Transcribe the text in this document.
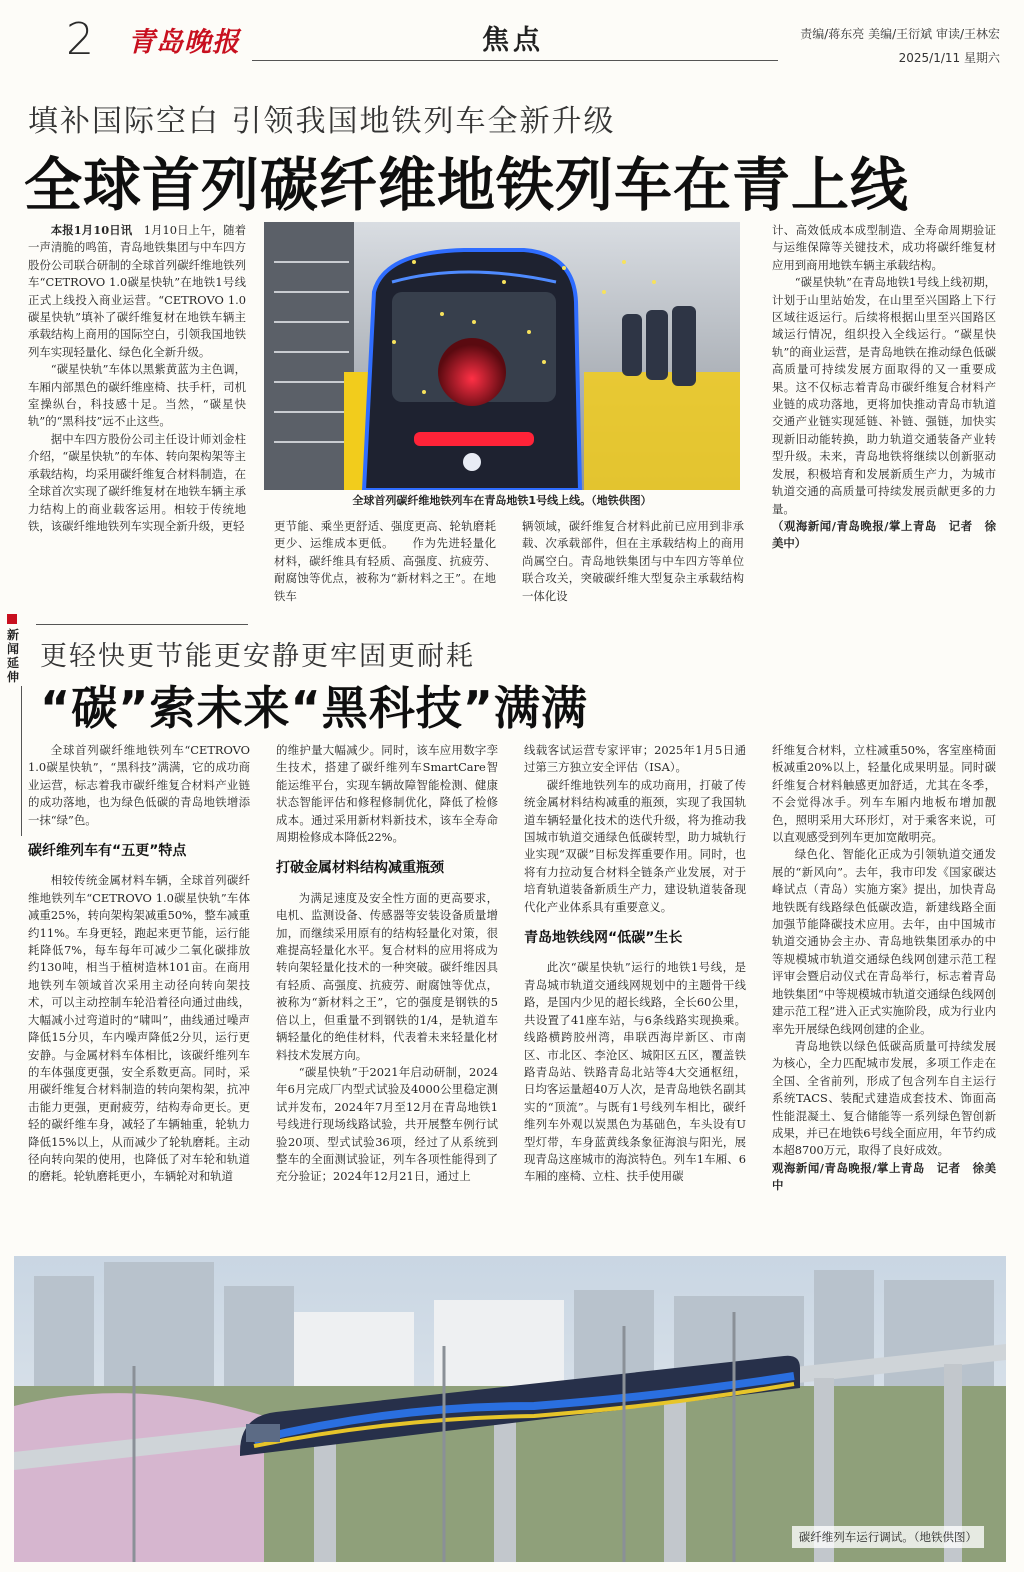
2 青岛晚报	焦点	责编/蒋东亮 美编/王衍斌 审读/王林宏
2025/1/11 星期六
填补国际空白 引领我国地铁列车全新升级
全球首列碳纤维地铁列车在青上线

本报1月10日讯　 1月10日上午，随着一声清脆的鸣笛，青岛地铁集团与中车四方股份公司联合研制的全球首列碳纤维地铁列车“CETROVO 1.0碳星快轨”在地铁1号线正式上线投入商业运营。“CETROVO 1.0碳星快轨”填补了碳纤维复材在地铁车辆主承载结构上商用的国际空白，引领我国地铁列车实现轻量化、绿色化全新升级。

“碳星快轨”车体以黑紫黄蓝为主色调，车厢内部黑色的碳纤维座椅、扶手杆，司机室操纵台，科技感十足。当然，“碳星快轨”的“黑科技”远不止这些。

据中车四方股份公司主任设计师刘金柱介绍，“碳星快轨”的车体、转向架构架等主承载结构，均采用碳纤维复合材料制造，在全球首次实现了碳纤维复材在地铁车辆主承力结构上的商业载客运用。相较于传统地铁，该碳纤维地铁列车实现全新升级，更轻

全球首列碳纤维地铁列车在青岛地铁1号线上线。（地铁供图）

更节能、乘坐更舒适、强度更高、轮轨磨耗更少、运维成本更低。　　作为先进轻量化材料，碳纤维具有轻质、高强度、抗疲劳、耐腐蚀等优点，被称为“新材料之王”。在地铁车

辆领域，碳纤维复合材料此前已应用到非承载、次承载部件，但在主承载结构上的商用尚属空白。青岛地铁集团与中车四方等单位联合攻关，突破碳纤维大型复杂主承载结构一体化设

计、高效低成本成型制造、全寿命周期验证与运维保障等关键技术，成功将碳纤维复材应用到商用地铁车辆主承载结构。

“碳星快轨”在青岛地铁1号线上线初期，计划于山里站始发，在山里至兴国路上下行区域往返运行。后续将根据山里至兴国路区域运行情况，组织投入全线运行。“碳星快轨”的商业运营，是青岛地铁在推动绿色低碳高质量可持续发展方面取得的又一重要成果。这不仅标志着青岛市碳纤维复合材料产业链的成功落地，更将加快推动青岛市轨道交通产业链实现延链、补链、强链，加快实现新旧动能转换，助力轨道交通装备产业转型升级。未来，青岛地铁将继续以创新驱动发展，积极培育和发展新质生产力，为城市轨道交通的高质量可持续发展贡献更多的力量。

（观海新闻/青岛晚报/掌上青岛　记者　徐美中）

新闻延伸
更轻快更节能更安静更牢固更耐耗
“碳”索未来“黑科技”满满

全球首列碳纤维地铁列车“CETROVO 1.0碳星快轨”，“黑科技”满满，它的成功商业运营，标志着我市碳纤维复合材料产业链的成功落地，也为绿色低碳的青岛地铁增添一抹“绿”色。

碳纤维列车有“五更”特点

相较传统金属材料车辆，全球首列碳纤维地铁列车“CETROVO 1.0碳星快轨”车体减重25%，转向架构架减重50%，整车减重约11%。车身更轻，跑起来更节能，运行能耗降低7%，每车每年可减少二氧化碳排放约130吨，相当于植树造林101亩。在商用地铁列车领域首次采用主动径向转向架技术，可以主动控制车轮沿着径向通过曲线，大幅减小过弯道时的“啸叫”，曲线通过噪声降低15分贝，车内噪声降低2分贝，运行更安静。与金属材料车体相比，该碳纤维列车的车体强度更强，安全系数更高。同时，采用碳纤维复合材料制造的转向架构架，抗冲击能力更强，更耐疲劳，结构寿命更长。更轻的碳纤维车身，减轻了车辆轴重，轮轨力降低15%以上，从而减少了轮轨磨耗。主动径向转向架的使用，也降低了对车轮和轨道的磨耗。轮轨磨耗更小，车辆轮对和轨道

的维护量大幅减少。同时，该车应用数字孪生技术，搭建了碳纤维列车SmartCare智能运维平台，实现车辆故障智能检测、健康状态智能评估和修程修制优化，降低了检修成本。通过采用新材料新技术，该车全寿命周期检修成本降低22%。

打破金属材料结构减重瓶颈

为满足速度及安全性方面的更高要求，电机、监测设备、传感器等安装设备质量增加，而继续采用原有的结构轻量化对策，很难提高轻量化水平。复合材料的应用将成为转向架轻量化技术的一种突破。碳纤维因具有轻质、高强度、抗疲劳、耐腐蚀等优点，被称为“新材料之王”，它的强度是钢铁的5倍以上，但重量不到钢铁的1/4，是轨道车辆轻量化的绝佳材料，代表着未来轻量化材料技术发展方向。

“碳星快轨”于2021年启动研制，2024年6月完成厂内型式试验及4000公里稳定测试并发布，2024年7月至12月在青岛地铁1号线进行现场线路试验，共开展整车例行试验20项、型式试验36项，经过了从系统到整车的全面测试验证，列车各项性能得到了充分验证；2024年12月21日，通过上

线载客试运营专家评审；2025年1月5日通过第三方独立安全评估（ISA）。

碳纤维地铁列车的成功商用，打破了传统金属材料结构减重的瓶颈，实现了我国轨道车辆轻量化技术的迭代升级，将为推动我国城市轨道交通绿色低碳转型，助力城轨行业实现“双碳”目标发挥重要作用。同时，也将有力拉动复合材料全链条产业发展，对于培育轨道装备新质生产力，建设轨道装备现代化产业体系具有重要意义。

青岛地铁线网“低碳”生长

此次“碳星快轨”运行的地铁1号线，是青岛城市轨道交通线网规划中的主题骨干线路，是国内少见的超长线路，全长60公里，共设置了41座车站，与6条线路实现换乘。线路横跨胶州湾，串联西海岸新区、市南区、市北区、李沧区、城阳区五区，覆盖铁路青岛站、铁路青岛北站等4大交通枢纽，日均客运量超40万人次，是青岛地铁名副其实的“顶流”。与既有1号线列车相比，碳纤维列车外观以炭黑色为基础色，车头设有U型灯带，车身蓝黄线条象征海浪与阳光，展现青岛这座城市的海滨特色。列车1车厢、6车厢的座椅、立柱、扶手使用碳

纤维复合材料，立柱减重50%，客室座椅面板减重20%以上，轻量化成果明显。同时碳纤维复合材料触感更加舒适，尤其在冬季，不会觉得冰手。列车车厢内地板布增加靓色，照明采用大环形灯，对于乘客来说，可以直观感受到列车更加宽敞明亮。

绿色化、智能化正成为引领轨道交通发展的“新风向”。去年，我市印发《国家碳达峰试点（青岛）实施方案》提出，加快青岛地铁既有线路绿色低碳改造，新建线路全面加强节能降碳技术应用。去年，由中国城市轨道交通协会主办、青岛地铁集团承办的中等规模城市轨道交通绿色线网创建示范工程评审会暨启动仪式在青岛举行，标志着青岛地铁集团“中等规模城市轨道交通绿色线网创建示范工程”进入正式实施阶段，成为行业内率先开展绿色线网创建的企业。

青岛地铁以绿色低碳高质量可持续发展为核心，全力匹配城市发展，多项工作走在全国、全省前列，形成了包含列车自主运行系统TACS、装配式建造成套技术、饰面高性能混凝土、复合储能等一系列绿色智创新成果，并已在地铁6号线全面应用，年节约成本超8700万元，取得了良好成效。

观海新闻/青岛晚报/掌上青岛　记者　徐美中

碳纤维列车运行调试。（地铁供图）
